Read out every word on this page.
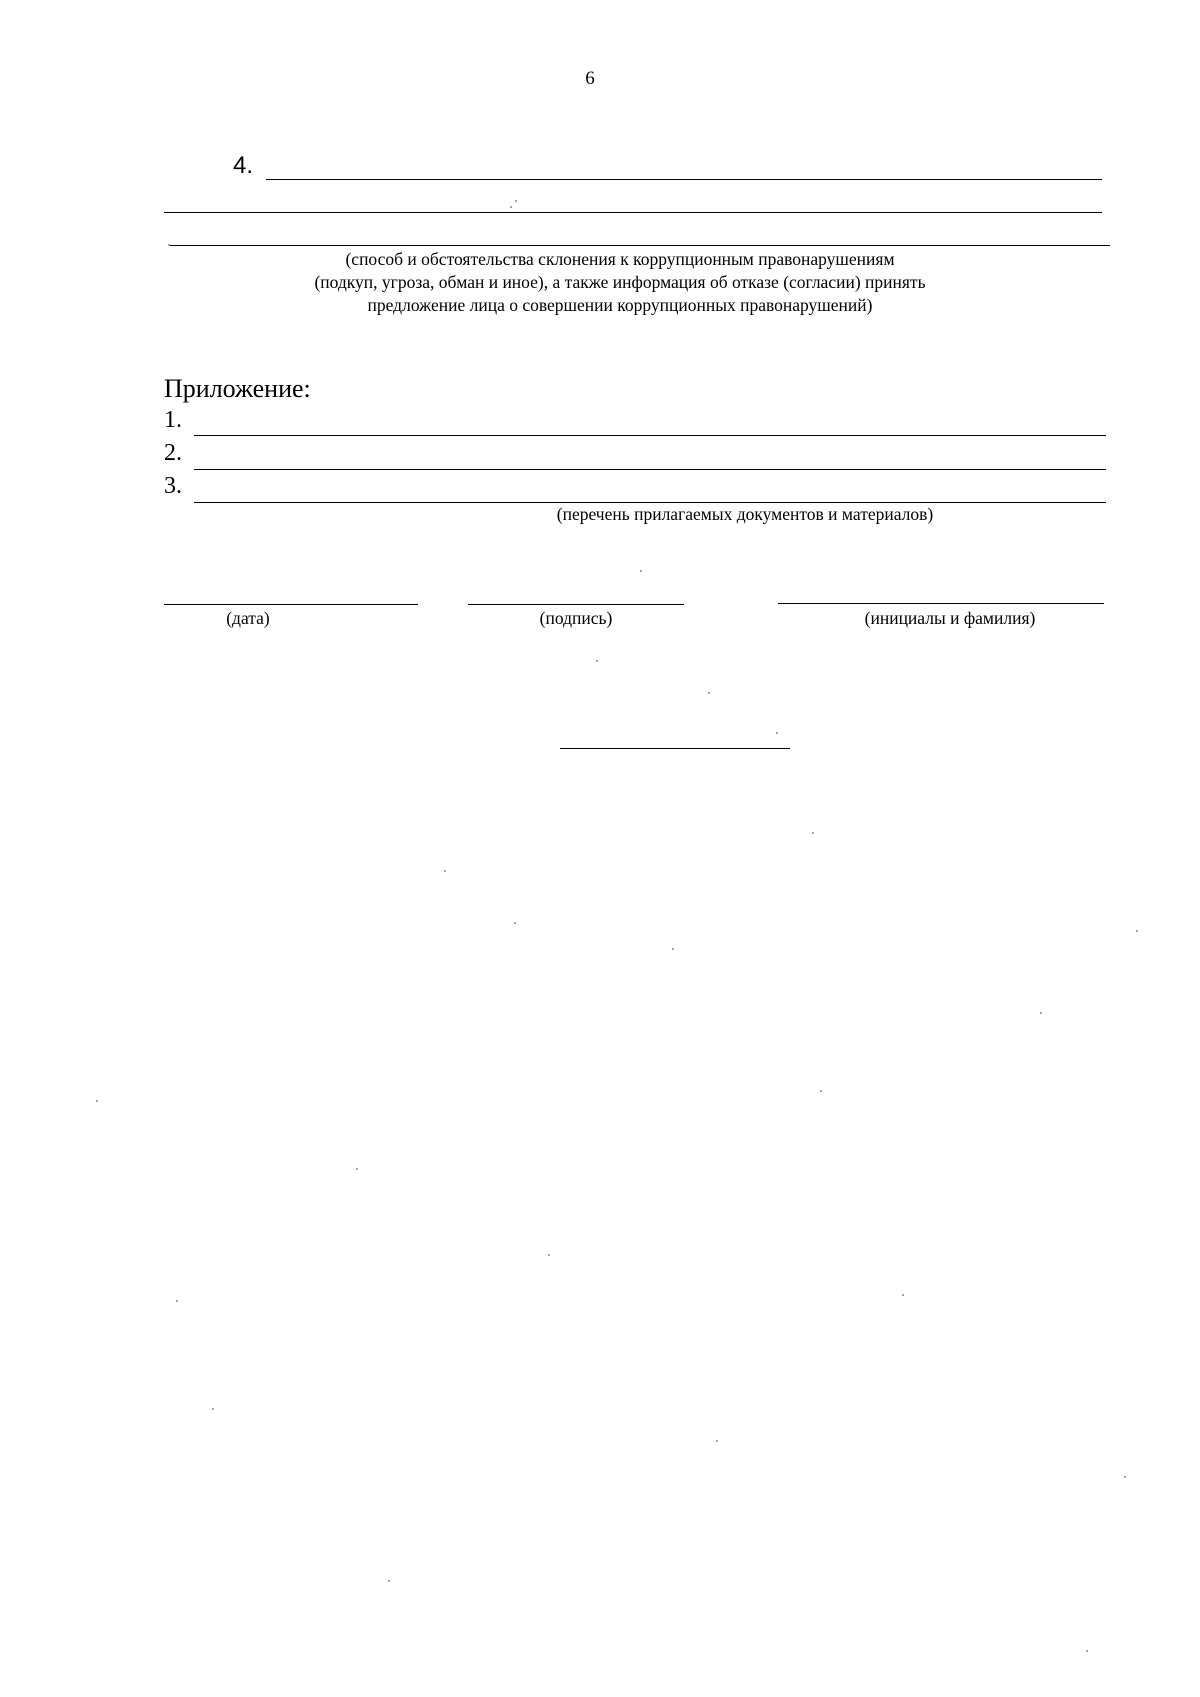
6
4.
(способ и обстоятельства склонения к коррупционным правонарушениям
(подкуп, угроза, обман и иное), а также информация об отказе (согласии) принять
предложение лица о совершении коррупционных правонарушений)
Приложение:
1.
2.
3.
(перечень прилагаемых документов и материалов)
(дата)	(подпись)	(инициалы и фамилия)
